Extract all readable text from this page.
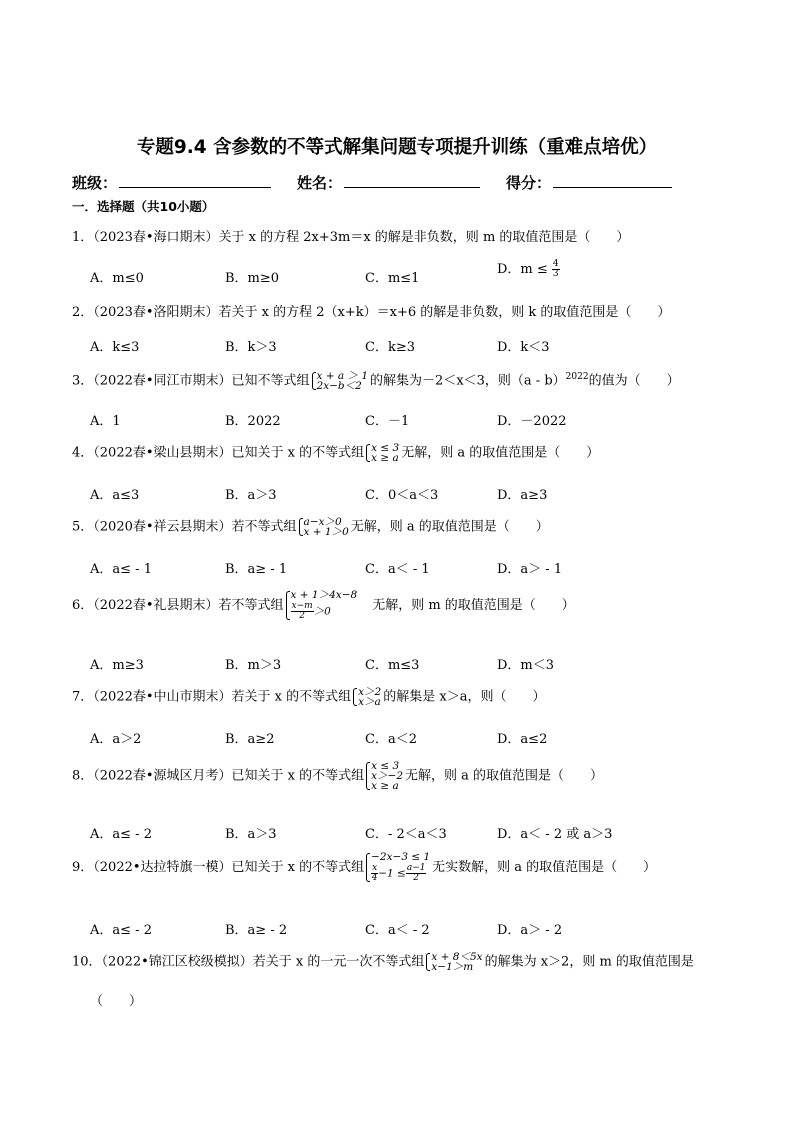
专题9.4 含参数的不等式解集问题专项提升训练（重难点培优）
班级：	姓名：	得分：
一．选择题（共10小题）
1．（2023春•海口期末）关于 x 的方程 2x+3m＝x 的解是非负数，则 m 的取值范围是（　　）
A．m≤0	B．m≥0	C．m≤1
D．$m \le \frac{4}{3}$
2．（2023春•洛阳期末）若关于 x 的方程 2（x+k）＝x+6 的解是非负数，则 k 的取值范围是（　　）
A．k≤3	B．k＞3	C．k≥3	D．k＜3
3．（2022春•同江市期末）已知不等式组 x + a ＞ 1
2x−b＜2 的解集为－2＜x＜3，则（a - b）$^{2022}$的值为（　　）
A．1	B．2022	C．－1	D．－2022
4．（2022春•梁山县期末）已知关于 x 的不等式组 x ≤ 3
x ≥ a 无解，则 a 的取值范围是（　　）
A．a≤3	B．a＞3	C．0＜a＜3	D．a≥3
5．（2020春•祥云县期末）若不等式组 a−x＞0
x + 1＞0 无解，则 a 的取值范围是（　　）
A．a≤ - 1	B．a≥ - 1	C．a＜ - 1	D．a＞ - 1
6．（2022春•礼县期末）若不等式组
x + 1＞4x−8
$\frac{x-m}{2} >0$	　无解，则 m 的取值范围是（　　）
A．m≥3	B．m＞3	C．m≤3	D．m＜3
7．（2022春•中山市期末）若关于 x 的不等式组 x＞2
x＞a 的解集是 x＞a，则（　　）
A．a＞2	B．a≥2	C．a＜2	D．a≤2
8．（2022春•源城区月考）已知关于 x 的不等式组
x ≤ 3
x＞−2
x ≥ a
无解，则 a 的取值范围是（　　）
A．a≤ - 2	B．a＞3	C．- 2＜a＜3	D．a＜ - 2 或 a＞3
9．（2022•达拉特旗一模）已知关于 x 的不等式组
−2x−3 ≤ 1
$\frac{x}{4} -1 \le \frac{a-1}{2}$ 无实数解，则 a 的取值范围是（　　）
A．a≤ - 2	B．a≥ - 2	C．a＜ - 2	D．a＞ - 2
10．（2022•锦江区校级模拟）若关于 x 的一元一次不等式组 x + 8＜5x
x−1＞m 的解集为 x＞2，则 m 的取值范围是
（　　）
